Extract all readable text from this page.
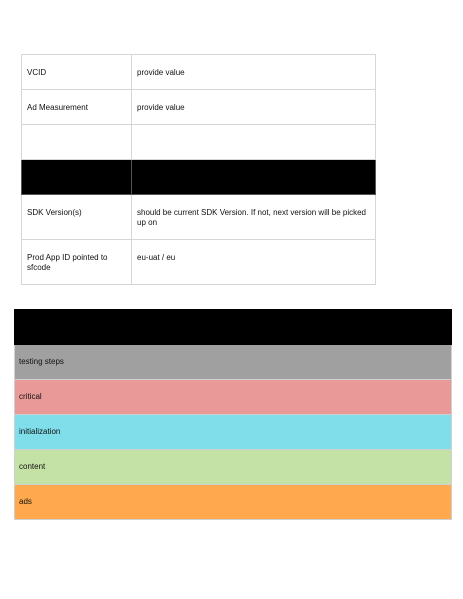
VCID	provide value
Ad Measurement	provide value

SDK Version(s)	should be current SDK Version. If not, next version will be picked up on
Prod App ID pointed to sfcode	eu-uat / eu

testing steps
critical
initialization
content
ads
